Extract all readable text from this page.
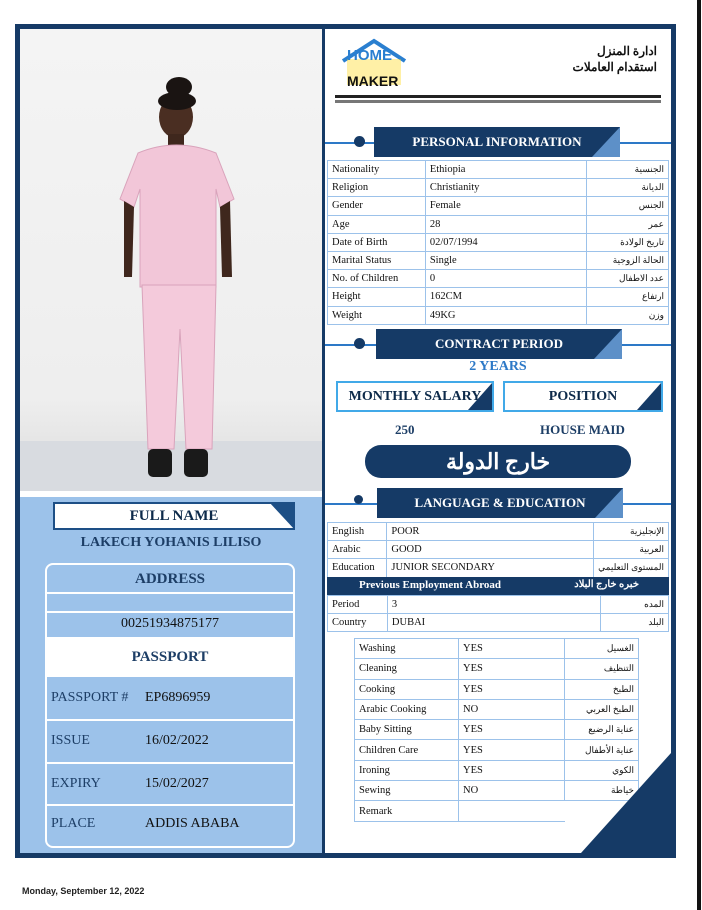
FULL NAME
LAKECH YOHANIS LILISO
ADDRESS
00251934875177
PASSPORT
PASSPORT # EP6896959
ISSUE	16/02/2022
EXPIRY	15/02/2027
PLACE	ADDIS ABABA
HOME
MAKER
ادارة المنزل
استقدام العاملات
PERSONAL INFORMATION
Nationality	Ethiopia	الجنسية
Religion	Christianity	الديانة
Gender	Female	الجنس
Age	28	عمر
Date of Birth	02/07/1994	تاريخ الولادة
Marital Status	Single	الحالة الزوجية
No. of Children	0	عدد الاطفال
Height	162CM	ارتفاع
Weight	49KG	وزن
CONTRACT PERIOD
2 YEARS
MONTHLY SALARY	POSITION
250	HOUSE MAID
خارج الدولة
LANGUAGE & EDUCATION
English	POOR	الإنجليزية
Arabic	GOOD	العربية
Education	JUNIOR SECONDARY	المستوى التعليمي
Previous Employment Abroad	خبره خارج البلاد
Period	3	المده
Country	DUBAI	البلد
Washing	YES	الغسيل
Cleaning	YES	التنظيف
Cooking	YES	الطبخ
Arabic Cooking	NO	الطبخ العربي
Baby Sitting	YES	عناية الرضيع
Children Care	YES	عناية الأطفال
Ironing	YES	الكوي
Sewing	NO	خياطة
Remark		
Monday, September 12, 2022
